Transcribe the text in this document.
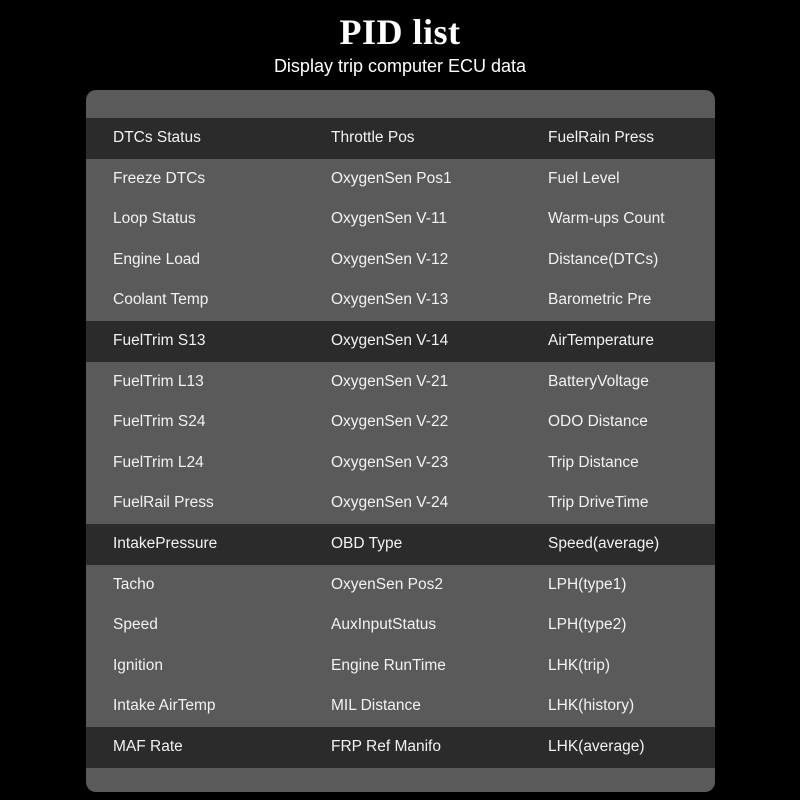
PID list
Display trip computer ECU data
DTCs Status	Throttle Pos	FuelRain Press
Freeze DTCs	OxygenSen Pos1	Fuel Level
Loop Status	OxygenSen V-11	Warm-ups Count
Engine Load	OxygenSen V-12	Distance(DTCs)
Coolant Temp	OxygenSen V-13	Barometric Pre
FuelTrim S13	OxygenSen V-14	AirTemperature
FuelTrim L13	OxygenSen V-21	BatteryVoltage
FuelTrim S24	OxygenSen V-22	ODO Distance
FuelTrim L24	OxygenSen V-23	Trip Distance
FuelRail Press	OxygenSen V-24	Trip DriveTime
IntakePressure	OBD Type	Speed(average)
Tacho	OxyenSen Pos2	LPH(type1)
Speed	AuxInputStatus	LPH(type2)
Ignition	Engine RunTime	LHK(trip)
Intake AirTemp	MIL Distance	LHK(history)
MAF Rate	FRP Ref Manifo	LHK(average)
